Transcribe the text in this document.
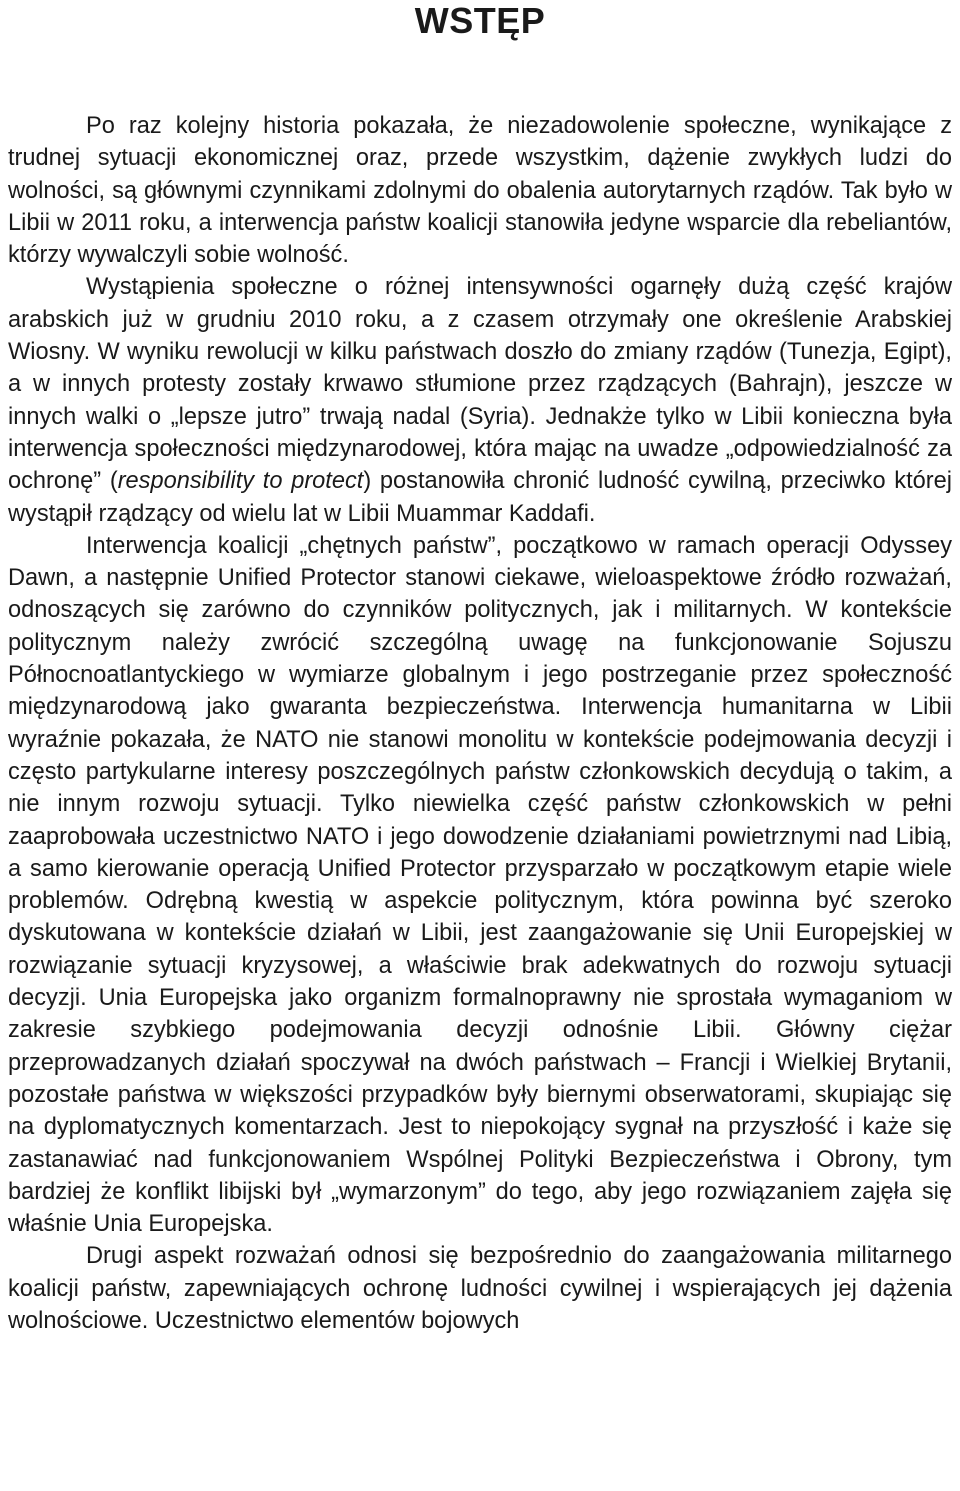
WSTĘP

Po raz kolejny historia pokazała, że niezadowolenie społeczne, wynikające z trudnej sytuacji ekonomicznej oraz, przede wszystkim, dążenie zwykłych ludzi do wolności, są głównymi czynnikami zdolnymi do obalenia autorytarnych rządów. Tak było w Libii w 2011 roku, a interwencja państw koalicji stanowiła jedyne wsparcie dla rebeliantów, którzy wywalczyli sobie wolność.

Wystąpienia społeczne o różnej intensywności ogarnęły dużą część krajów arabskich już w grudniu 2010 roku, a z czasem otrzymały one określenie Arabskiej Wiosny. W wyniku rewolucji w kilku państwach doszło do zmiany rządów (Tunezja, Egipt), a w innych protesty zostały krwawo stłumione przez rządzących (Bahrajn), jeszcze w innych walki o „lepsze jutro” trwają nadal (Syria). Jednakże tylko w Libii konieczna była interwencja społeczności międzynarodowej, która mając na uwadze „odpowiedzialność za ochronę” (responsibility to protect) postanowiła chronić ludność cywilną, przeciwko której wystąpił rządzący od wielu lat w Libii Muammar Kaddafi.

Interwencja koalicji „chętnych państw”, początkowo w ramach operacji Odyssey Dawn, a następnie Unified Protector stanowi ciekawe, wieloaspektowe źródło rozważań, odnoszących się zarówno do czynników politycznych, jak i militarnych. W kontekście politycznym należy zwrócić szczególną uwagę na funkcjonowanie Sojuszu Północnoatlantyckiego w wymiarze globalnym i jego postrzeganie przez społeczność międzynarodową jako gwaranta bezpieczeństwa. Interwencja humanitarna w Libii wyraźnie pokazała, że NATO nie stanowi monolitu w kontekście podejmowania decyzji i często partykularne interesy poszczególnych państw członkowskich decydują o takim, a nie innym rozwoju sytuacji. Tylko niewielka część państw członkowskich w pełni zaaprobowała uczestnictwo NATO i jego dowodzenie działaniami powietrznymi nad Libią, a samo kierowanie operacją Unified Protector przysparzało w początkowym etapie wiele problemów. Odrębną kwestią w aspekcie politycznym, która powinna być szeroko dyskutowana w kontekście działań w Libii, jest zaangażowanie się Unii Europejskiej w rozwiązanie sytuacji kryzysowej, a właściwie brak adekwatnych do rozwoju sytuacji decyzji. Unia Europejska jako organizm formalnoprawny nie sprostała wymaganiom w zakresie szybkiego podejmowania decyzji odnośnie Libii. Główny ciężar przeprowadzanych działań spoczywał na dwóch państwach – Francji i Wielkiej Brytanii, pozostałe państwa w większości przypadków były biernymi obserwatorami, skupiając się na dyplomatycznych komentarzach. Jest to niepokojący sygnał na przyszłość i każe się zastanawiać nad funkcjonowaniem Wspólnej Polityki Bezpieczeństwa i Obrony, tym bardziej że konflikt libijski był „wymarzonym” do tego, aby jego rozwiązaniem zajęła się właśnie Unia Europejska.

Drugi aspekt rozważań odnosi się bezpośrednio do zaangażowania militarnego koalicji państw, zapewniających ochronę ludności cywilnej i wspierających jej dążenia wolnościowe. Uczestnictwo elementów bojowych
